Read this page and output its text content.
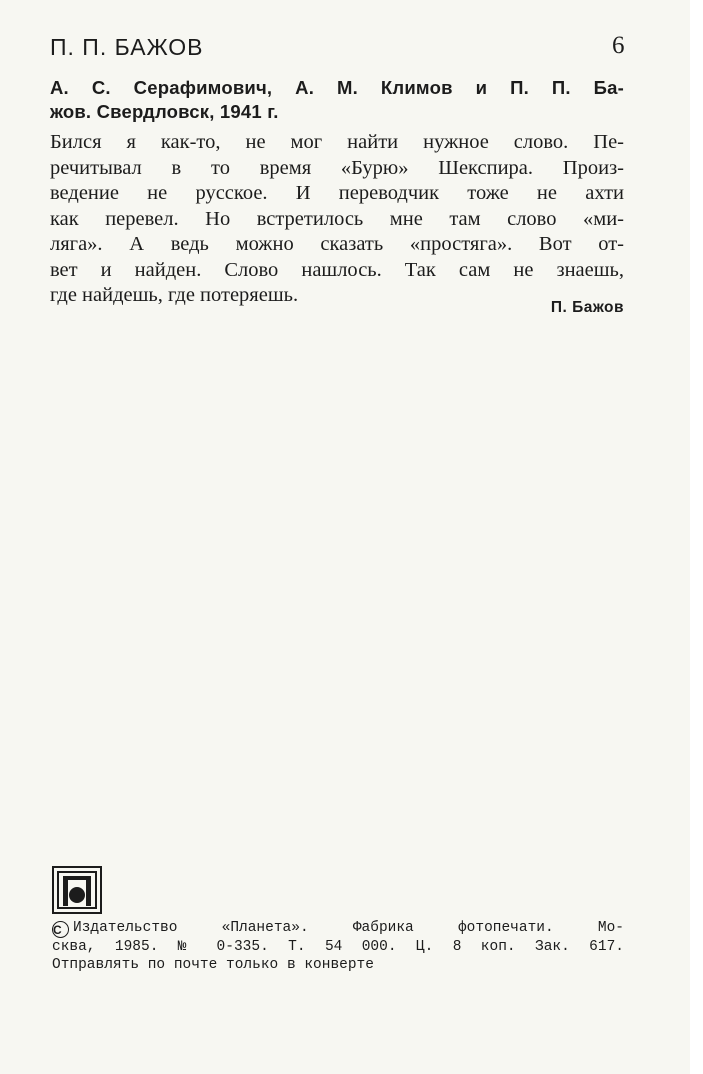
П. П. БАЖОВ	6
А. С. Серафимович, А. М. Климов и П. П. Ба-
жов. Свердловск, 1941 г.
Бился я как-то, не мог найти нужное слово. Пе-
речитывал в то время «Бурю» Шекспира. Произ-
ведение не русское. И переводчик тоже не ахти
как перевел. Но встретилось мне там слово «ми-
ляга». А ведь можно сказать «простяга». Вот от-
вет и найден. Слово нашлось. Так сам не знаешь,
где найдешь, где потеряешь.
П. Бажов
С Издательство «Планета». Фабрика фотопечати. Мо-
сква, 1985. № 0-335. Т. 54 000. Ц. 8 коп. Зак. 617.
Отправлять по почте только в конверте
